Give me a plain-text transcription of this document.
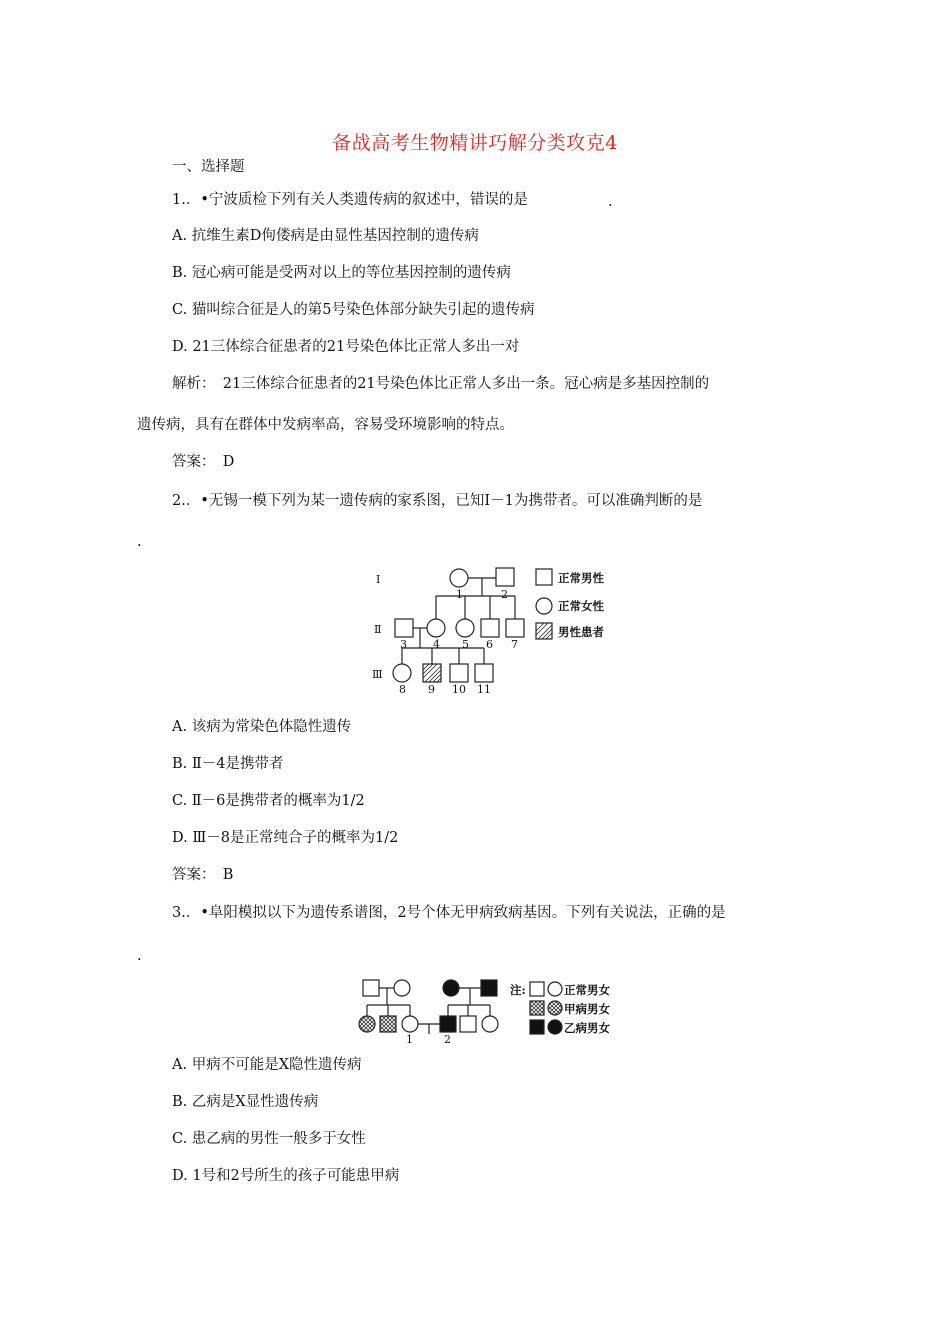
备战高考生物精讲巧解分类攻克4
一、选择题
1.．•宁波质检下列有关人类遗传病的叙述中，错误的是	.
A. 抗维生素D佝偻病是由显性基因控制的遗传病
B. 冠心病可能是受两对以上的等位基因控制的遗传病
C. 猫叫综合征是人的第5号染色体部分缺失引起的遗传病
D. 21三体综合征患者的21号染色体比正常人多出一对
解析：　21三体综合征患者的21号染色体比正常人多出一条。冠心病是多基因控制的
遗传病，具有在群体中发病率高，容易受环境影响的特点。
答案：　D
2.．•无锡一模下列为某一遗传病的家系图，已知Ⅰ－1为携带者。可以准确判断的是
.
Ⅰ
Ⅱ
Ⅲ
1	2
3 4 5 6 7
8 9 10 11
正常男性
正常女性
男性患者
A. 该病为常染色体隐性遗传
B. Ⅱ－4是携带者
C. Ⅱ－6是携带者的概率为1/2
D. Ⅲ－8是正常纯合子的概率为1/2
答案：　B
3.．•阜阳模拟以下为遗传系谱图，2号个体无甲病致病基因。下列有关说法，正确的是
.
1	2
注:	正常男女
甲病男女
乙病男女
A. 甲病不可能是X隐性遗传病
B. 乙病是X显性遗传病
C. 患乙病的男性一般多于女性
D. 1号和2号所生的孩子可能患甲病
